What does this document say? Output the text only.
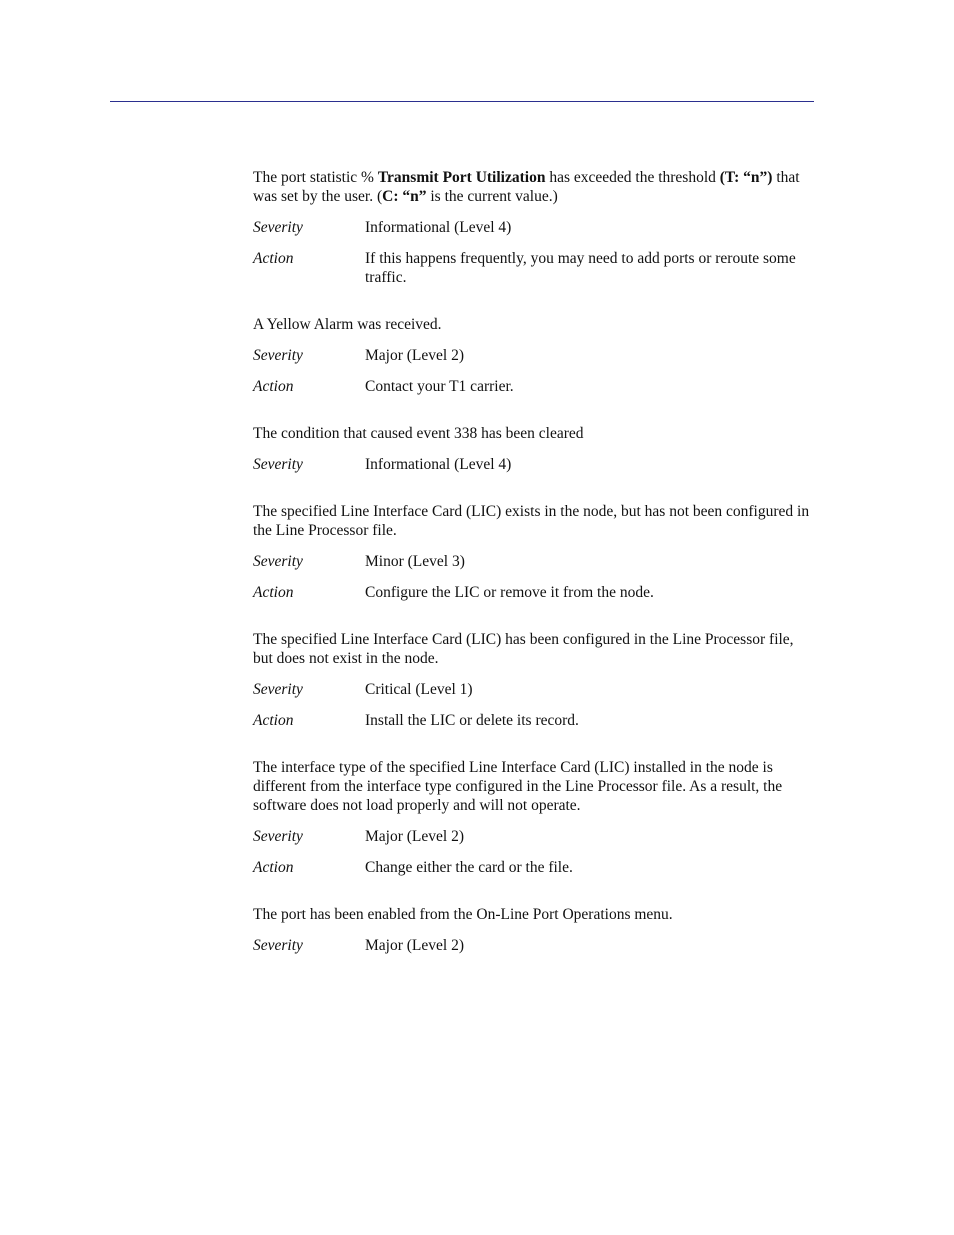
The port statistic % Transmit Port Utilization has exceeded the threshold (T: “n”) that was set by the user. (C: “n” is the current value.)

Severity	Informational (Level 4)
Action	If this happens frequently, you may need to add ports or reroute some traffic.

A Yellow Alarm was received.

Severity	Major (Level 2)
Action	Contact your T1 carrier.

The condition that caused event 338 has been cleared

Severity	Informational (Level 4)

The specified Line Interface Card (LIC) exists in the node, but has not been configured in the Line Processor file.

Severity	Minor (Level 3)
Action	Configure the LIC or remove it from the node.

The specified Line Interface Card (LIC) has been configured in the Line Processor file, but does not exist in the node.

Severity	Critical (Level 1)
Action	Install the LIC or delete its record.

The interface type of the specified Line Interface Card (LIC) installed in the node is different from the interface type configured in the Line Processor file. As a result, the software does not load properly and will not operate.

Severity	Major (Level 2)
Action	Change either the card or the file.

The port has been enabled from the On-Line Port Operations menu.

Severity	Major (Level 2)
